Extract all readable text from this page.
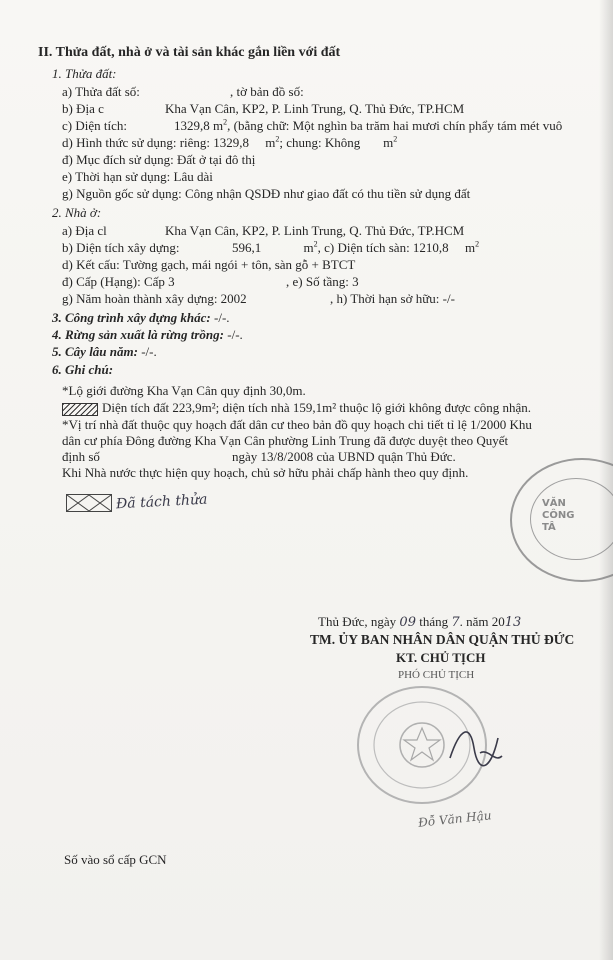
II. Thửa đất, nhà ở và tài sản khác gắn liền với đất
1. Thửa đất:
a) Thửa đất số:	, tờ bản đồ số:
b) Địa c	Kha Vạn Cân, KP2, P. Linh Trung, Q. Thủ Đức, TP.HCM
c) Diện tích:	1329,8 $m^2$, (bằng chữ: Một nghìn ba trăm hai mươi chín phẩy tám mét vuô
d) Hình thức sử dụng: riêng: 1329,8 $m^2$; chung: Không $m^2$
đ) Mục đích sử dụng: Đất ở tại đô thị
e) Thời hạn sử dụng: Lâu dài
g) Nguồn gốc sử dụng: Công nhận QSDĐ như giao đất có thu tiền sử dụng đất
2. Nhà ở:
a) Địa cl	Kha Vạn Cân, KP2, P. Linh Trung, Q. Thủ Đức, TP.HCM
b) Diện tích xây dựng:	596,1	$m^2$, c) Diện tích sàn: 1210,8 $m^2$
d) Kết cấu: Tường gạch, mái ngói + tôn, sàn gỗ + BTCT
đ) Cấp (Hạng): Cấp 3	, e) Số tầng: 3
g) Năm hoàn thành xây dựng: 2002	, h) Thời hạn sở hữu: -/-
3. Công trình xây dựng khác: -/-.
4. Rừng sản xuất là rừng trồng: -/-.
5. Cây lâu năm: -/-.
6. Ghi chú:
*Lộ giới đường Kha Vạn Cân quy định 30,0m.
Diện tích đất 223,9m²; diện tích nhà 159,1m² thuộc lộ giới không được công nhận.
*Vị trí nhà đất thuộc quy hoạch đất dân cư theo bản đồ quy hoạch chi tiết tỉ lệ 1/2000 Khu
dân cư phía Đông đường Kha Vạn Cân phường Linh Trung đã được duyệt theo Quyết
định số	ngày 13/8/2008 của UBND quận Thủ Đức.
Khi Nhà nước thực hiện quy hoạch, chủ sở hữu phải chấp hành theo quy định.
Đã tách thửa	VĂN CÔNG TÂ
Thủ Đức, ngày 09 tháng 7. năm 2013
TM. ỦY BAN NHÂN DÂN QUẬN THỦ ĐỨC
KT. CHỦ TỊCH
PHÓ CHỦ TỊCH
Đỗ Văn Hậu
Số vào sổ cấp GCN
